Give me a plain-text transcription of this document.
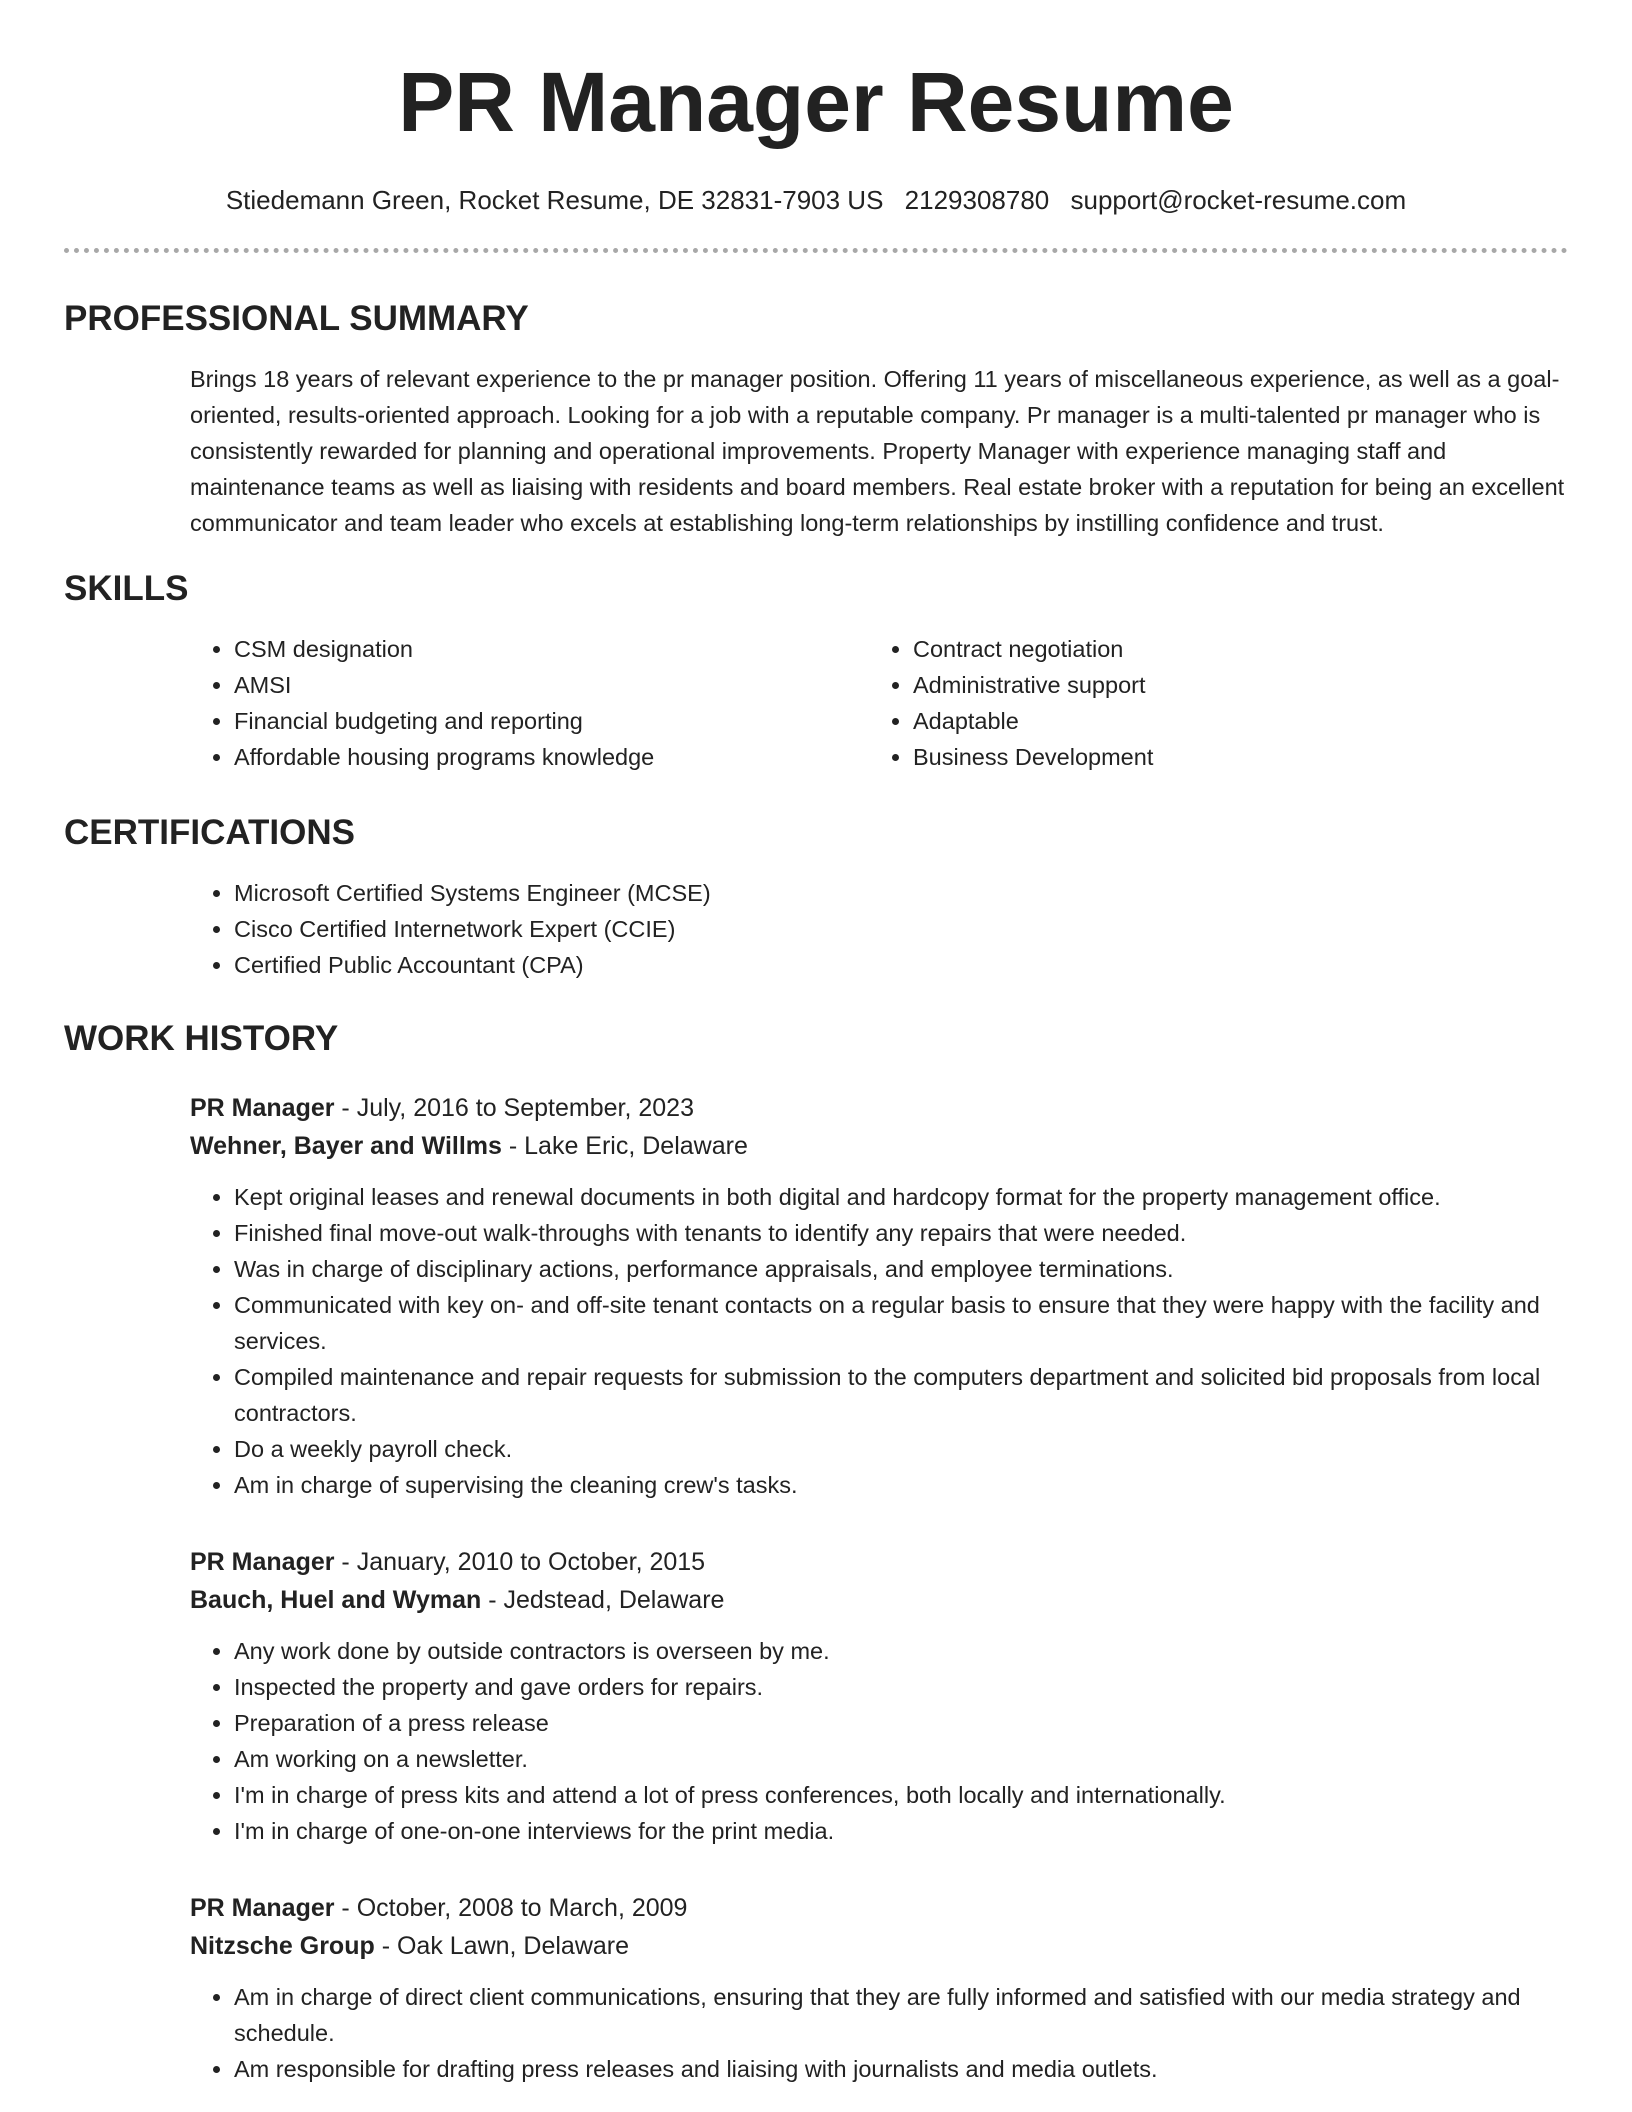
PR Manager Resume
Stiedemann Green, Rocket Resume, DE 32831-7903 US 2129308780 support@rocket-resume.com
PROFESSIONAL SUMMARY
Brings 18 years of relevant experience to the pr manager position. Offering 11 years of miscellaneous experience, as well as a goal-oriented, results-oriented approach. Looking for a job with a reputable company. Pr manager is a multi-talented pr manager who is consistently rewarded for planning and operational improvements. Property Manager with experience managing staff and maintenance teams as well as liaising with residents and board members. Real estate broker with a reputation for being an excellent communicator and team leader who excels at establishing long-term relationships by instilling confidence and trust.
SKILLS
• CSM designation
• AMSI
• Financial budgeting and reporting
• Affordable housing programs knowledge
• Contract negotiation
• Administrative support
• Adaptable
• Business Development
CERTIFICATIONS
• Microsoft Certified Systems Engineer (MCSE)
• Cisco Certified Internetwork Expert (CCIE)
• Certified Public Accountant (CPA)
WORK HISTORY
PR Manager - July, 2016 to September, 2023
Wehner, Bayer and Willms - Lake Eric, Delaware
• Kept original leases and renewal documents in both digital and hardcopy format for the property management office.
• Finished final move-out walk-throughs with tenants to identify any repairs that were needed.
• Was in charge of disciplinary actions, performance appraisals, and employee terminations.
• Communicated with key on- and off-site tenant contacts on a regular basis to ensure that they were happy with the facility and services.
• Compiled maintenance and repair requests for submission to the computers department and solicited bid proposals from local contractors.
• Do a weekly payroll check.
• Am in charge of supervising the cleaning crew's tasks.
PR Manager - January, 2010 to October, 2015
Bauch, Huel and Wyman - Jedstead, Delaware
• Any work done by outside contractors is overseen by me.
• Inspected the property and gave orders for repairs.
• Preparation of a press release
• Am working on a newsletter.
• I'm in charge of press kits and attend a lot of press conferences, both locally and internationally.
• I'm in charge of one-on-one interviews for the print media.
PR Manager - October, 2008 to March, 2009
Nitzsche Group - Oak Lawn, Delaware
• Am in charge of direct client communications, ensuring that they are fully informed and satisfied with our media strategy and schedule.
• Am responsible for drafting press releases and liaising with journalists and media outlets.
